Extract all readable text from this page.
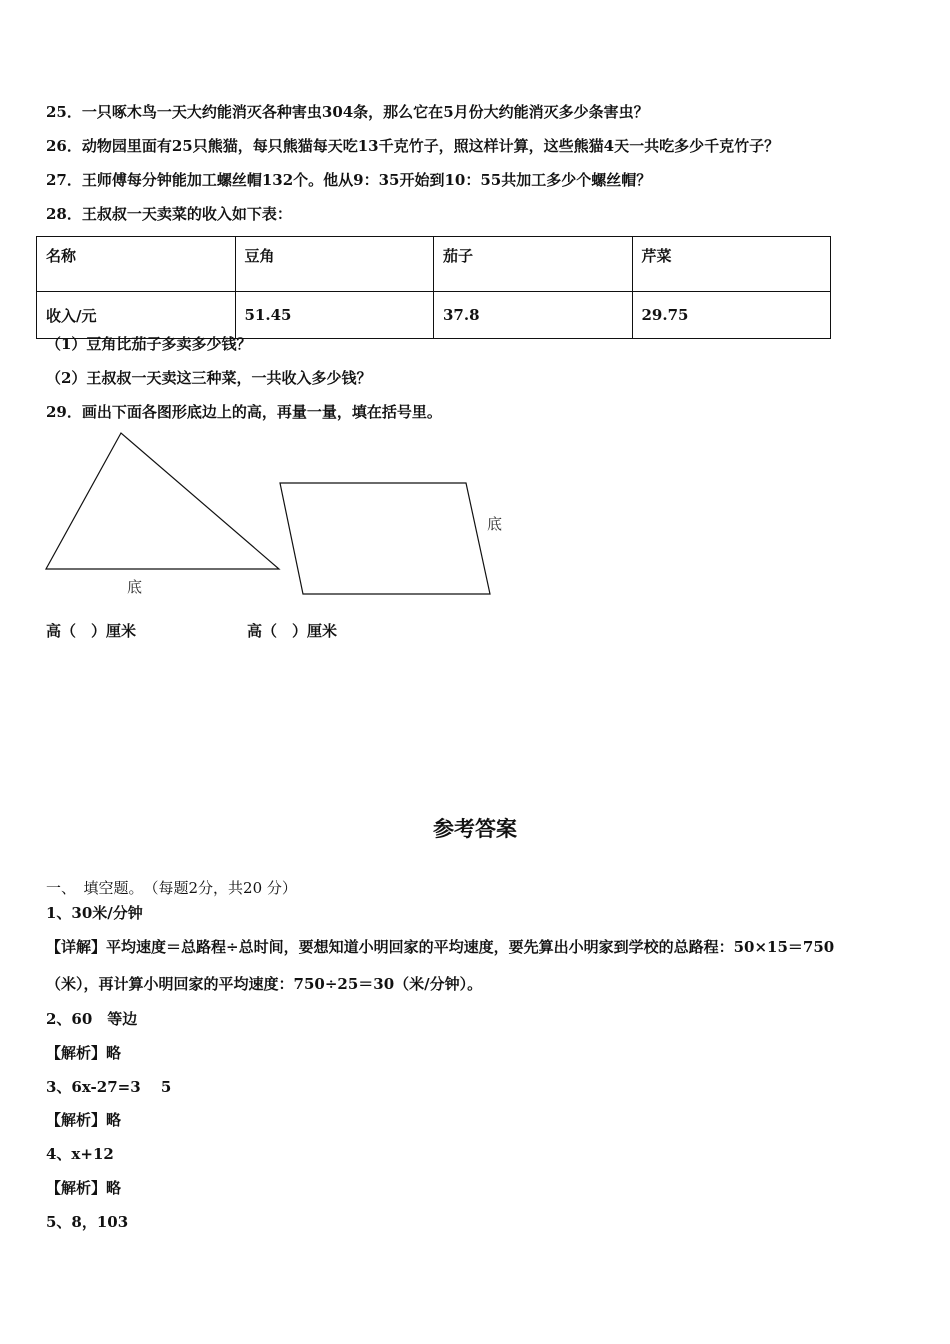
25．一只啄木鸟一天大约能消灭各种害虫304条，那么它在5月份大约能消灭多少条害虫？
26．动物园里面有25只熊猫，每只熊猫每天吃13千克竹子，照这样计算，这些熊猫4天一共吃多少千克竹子？
27．王师傅每分钟能加工螺丝帽132个。他从9：35开始到10：55共加工多少个螺丝帽？
28．王叔叔一天卖菜的收入如下表：
名称	豆角	茄子	芹菜
收入/元	51.45	37.8	29.75
（1）豆角比茄子多卖多少钱？
（2）王叔叔一天卖这三种菜，一共收入多少钱？
29．画出下面各图形底边上的高，再量一量，填在括号里。
底
底
高（　）厘米	高（　）厘米
参考答案
一、　填空题。　（每题2分，共20 分）
1、30米/分钟
【详解】平均速度＝总路程÷总时间，要想知道小明回家的平均速度，要先算出小明家到学校的总路程：50×15＝750
（米），再计算小明回家的平均速度：750÷25＝30（米/分钟）。
2、60　等边
【解析】略
3、6x-27=3　 5
【解析】略
4、x+12
【解析】略
5、8，103
